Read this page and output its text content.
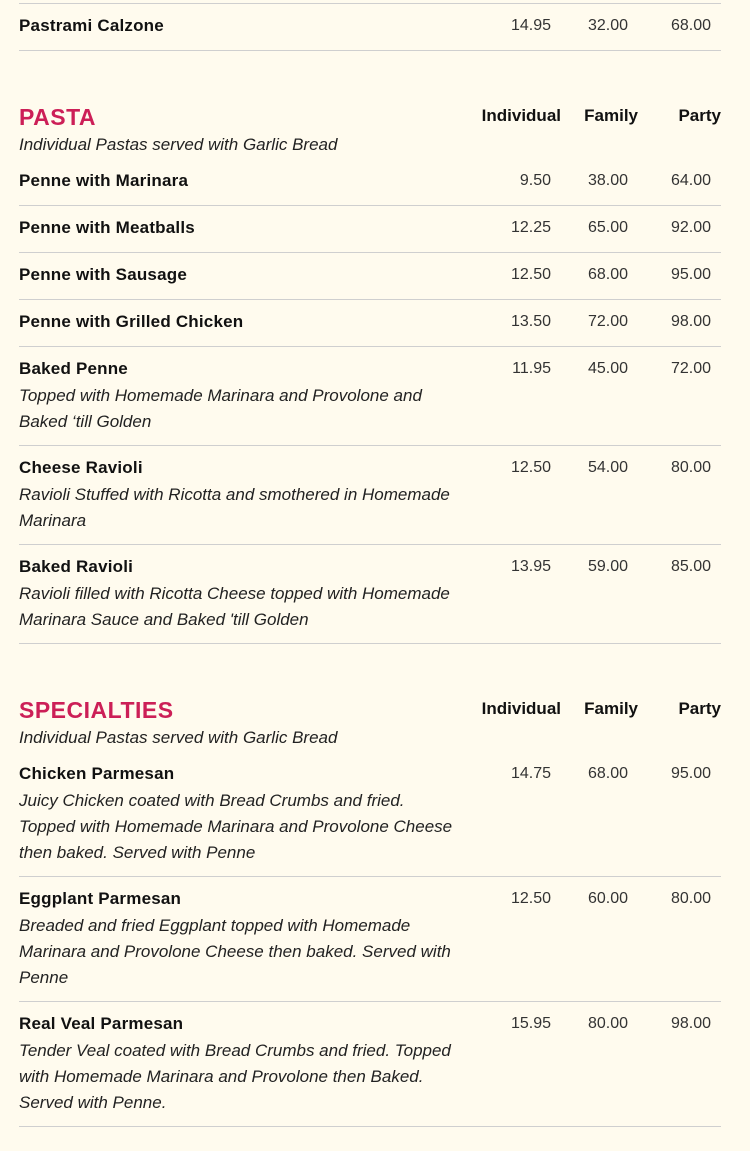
Pastrami Calzone	14.95 32.00	68.00
PASTA	Individual Family Party
Individual Pastas served with Garlic Bread
Penne with Marinara	9.50 38.00	64.00
Penne with Meatballs	12.25 65.00	92.00
Penne with Sausage	12.50 68.00	95.00
Penne with Grilled Chicken	13.50 72.00	98.00
Baked Penne
Topped with Homemade Marinara and Provolone and Baked ‘till Golden
11.95 45.00	72.00
Cheese Ravioli
Ravioli Stuffed with Ricotta and smothered in Homemade Marinara
12.50 54.00	80.00
Baked Ravioli
Ravioli filled with Ricotta Cheese topped with Homemade Marinara Sauce and Baked 'till Golden
13.95 59.00	85.00
SPECIALTIES	Individual Family Party
Individual Pastas served with Garlic Bread
Chicken Parmesan
Juicy Chicken coated with Bread Crumbs and fried. Topped with Homemade Marinara and Provolone Cheese then baked. Served with Penne
14.75 68.00	95.00
Eggplant Parmesan
Breaded and fried Eggplant topped with Homemade Marinara and Provolone Cheese then baked. Served with Penne
12.50 60.00	80.00
Real Veal Parmesan
Tender Veal coated with Bread Crumbs and fried. Topped with Homemade Marinara and Provolone then Baked. Served with Penne.
15.95 80.00	98.00
